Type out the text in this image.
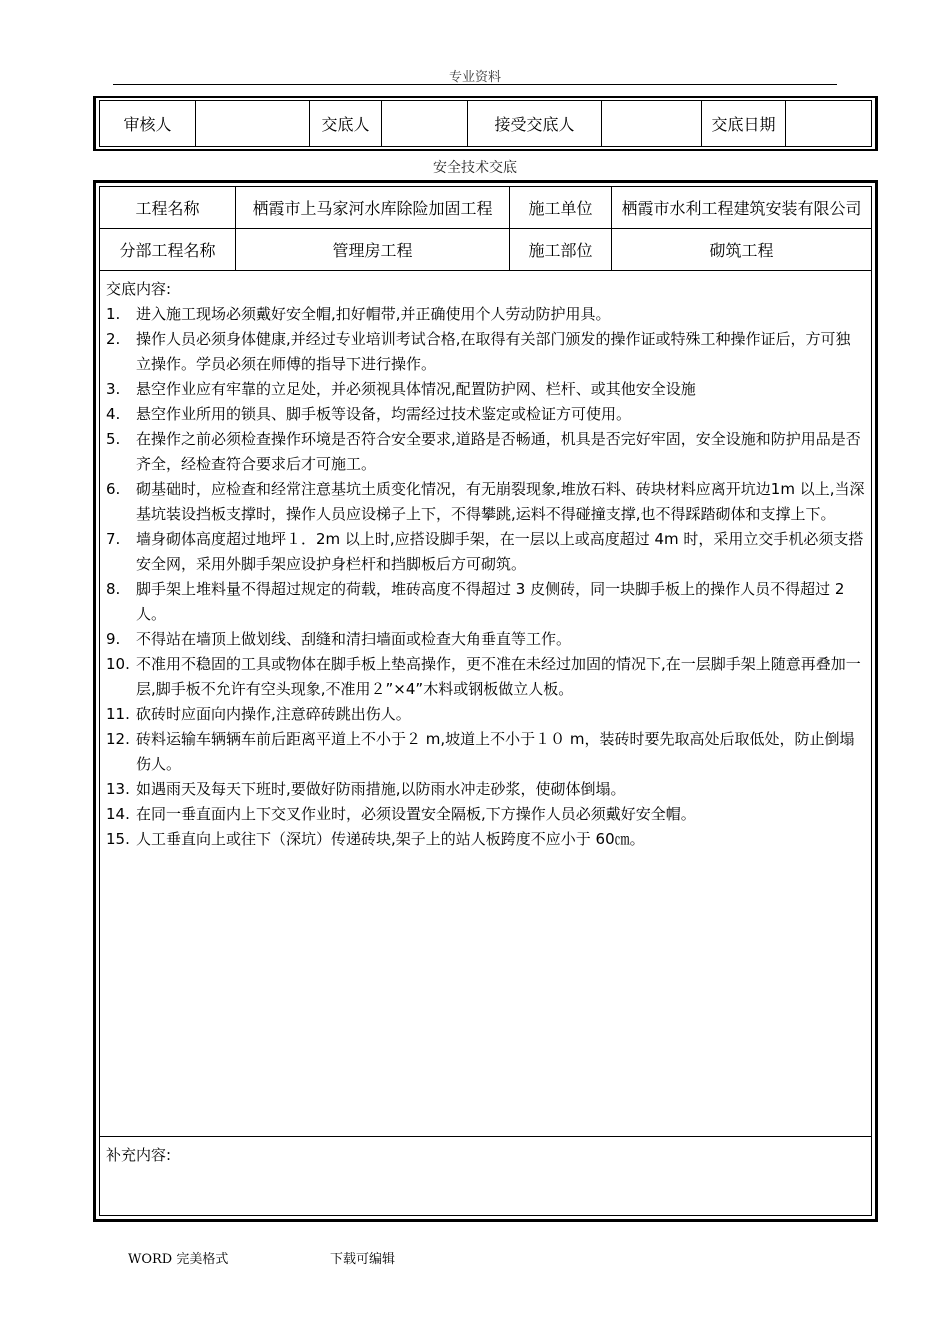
专业资料
审核人	交底人	接受交底人	交底日期
安全技术交底
工程名称	栖霞市上马家河水库除险加固工程	施工单位	栖霞市水利工程建筑安装有限公司
分部工程名称	管理房工程	施工部位	砌筑工程
交底内容:
1.	进入施工现场必须戴好安全帽,扣好帽带,并正确使用个人劳动防护用具。
2.	操作人员必须身体健康,并经过专业培训考试合格,在取得有关部门颁发的操作证或特殊工种操作证后，方可独立操作。学员必须在师傅的指导下进行操作。
3.	悬空作业应有牢靠的立足处，并必须视具体情况,配置防护网、栏杆、或其他安全设施
4.	悬空作业所用的锁具、脚手板等设备，均需经过技术鉴定或检证方可使用。
5.	在操作之前必须检查操作环境是否符合安全要求,道路是否畅通，机具是否完好牢固，安全设施和防护用品是否齐全，经检查符合要求后才可施工。
6.	砌基础时，应检查和经常注意基坑土质变化情况，有无崩裂现象,堆放石料、砖块材料应离开坑边1m 以上,当深基坑装设挡板支撑时，操作人员应设梯子上下，不得攀跳,运料不得碰撞支撑,也不得踩踏砌体和支撑上下。
7.	墙身砌体高度超过地坪１．2m 以上时,应搭设脚手架，在一层以上或高度超过 4m 时，采用立交手机必须支搭安全网，采用外脚手架应设护身栏杆和挡脚板后方可砌筑。
8.	脚手架上堆料量不得超过规定的荷载，堆砖高度不得超过 3 皮侧砖，同一块脚手板上的操作人员不得超过 2 人。
9.	不得站在墙顶上做划线、刮缝和清扫墙面或检查大角垂直等工作。
10. 不准用不稳固的工具或物体在脚手板上垫高操作，更不准在未经过加固的情况下,在一层脚手架上随意再叠加一层,脚手板不允许有空头现象,不准用２”×4”木料或钢板做立人板。
11. 砍砖时应面向内操作,注意碎砖跳出伤人。
12. 砖料运输车辆辆车前后距离平道上不小于２ m,坡道上不小于１０ m，装砖时要先取高处后取低处，防止倒塌伤人。
13. 如遇雨天及每天下班时,要做好防雨措施,以防雨水冲走砂浆，使砌体倒塌。
14. 在同一垂直面内上下交叉作业时，必须设置安全隔板,下方操作人员必须戴好安全帽。
15. 人工垂直向上或往下（深坑）传递砖块,架子上的站人板跨度不应小于 60㎝。
补充内容:
WORD 完美格式	下载可编辑
